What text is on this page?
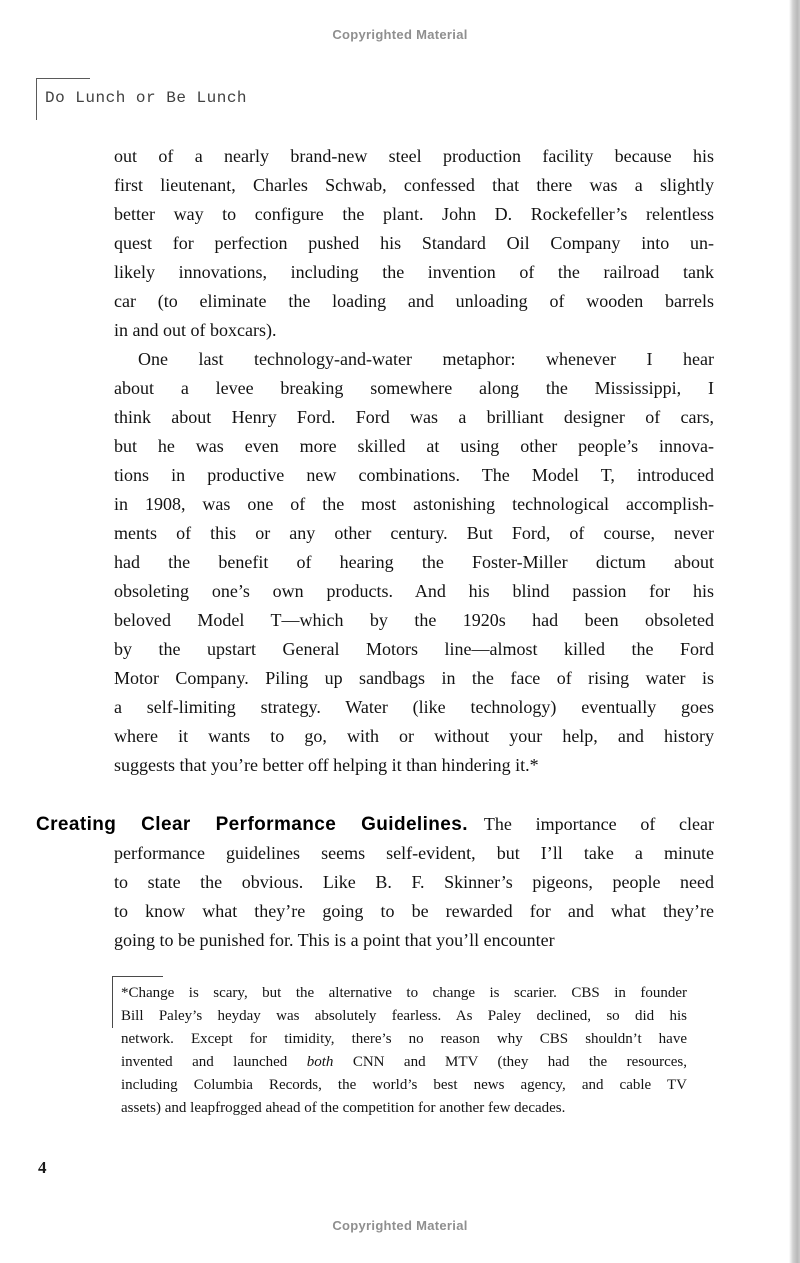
Copyrighted Material
Do Lunch or Be Lunch
out of a nearly brand-new steel production facility because his
first lieutenant, Charles Schwab, confessed that there was a slightly
better way to configure the plant. John D. Rockefeller’s relentless
quest for perfection pushed his Standard Oil Company into un-
likely innovations, including the invention of the railroad tank
car (to eliminate the loading and unloading of wooden barrels
in and out of boxcars).
One last technology-and-water metaphor: whenever I hear
about a levee breaking somewhere along the Mississippi, I
think about Henry Ford. Ford was a brilliant designer of cars,
but he was even more skilled at using other people’s innova-
tions in productive new combinations. The Model T, introduced
in 1908, was one of the most astonishing technological accomplish-
ments of this or any other century. But Ford, of course, never
had the benefit of hearing the Foster-Miller dictum about
obsoleting one’s own products. And his blind passion for his
beloved Model T—which by the 1920s had been obsoleted
by the upstart General Motors line—almost killed the Ford
Motor Company. Piling up sandbags in the face of rising water is
a self-limiting strategy. Water (like technology) eventually goes
where it wants to go, with or without your help, and history
suggests that you’re better off helping it than hindering it.*
Creating Clear Performance Guidelines. The importance of clear
performance guidelines seems self-evident, but I’ll take a minute
to state the obvious. Like B. F. Skinner’s pigeons, people need
to know what they’re going to be rewarded for and what they’re
going to be punished for. This is a point that you’ll encounter
*Change is scary, but the alternative to change is scarier. CBS in founder
Bill Paley’s heyday was absolutely fearless. As Paley declined, so did his
network. Except for timidity, there’s no reason why CBS shouldn’t have
invented and launched both CNN and MTV (they had the resources,
including Columbia Records, the world’s best news agency, and cable TV
assets) and leapfrogged ahead of the competition for another few decades.
4
Copyrighted Material
